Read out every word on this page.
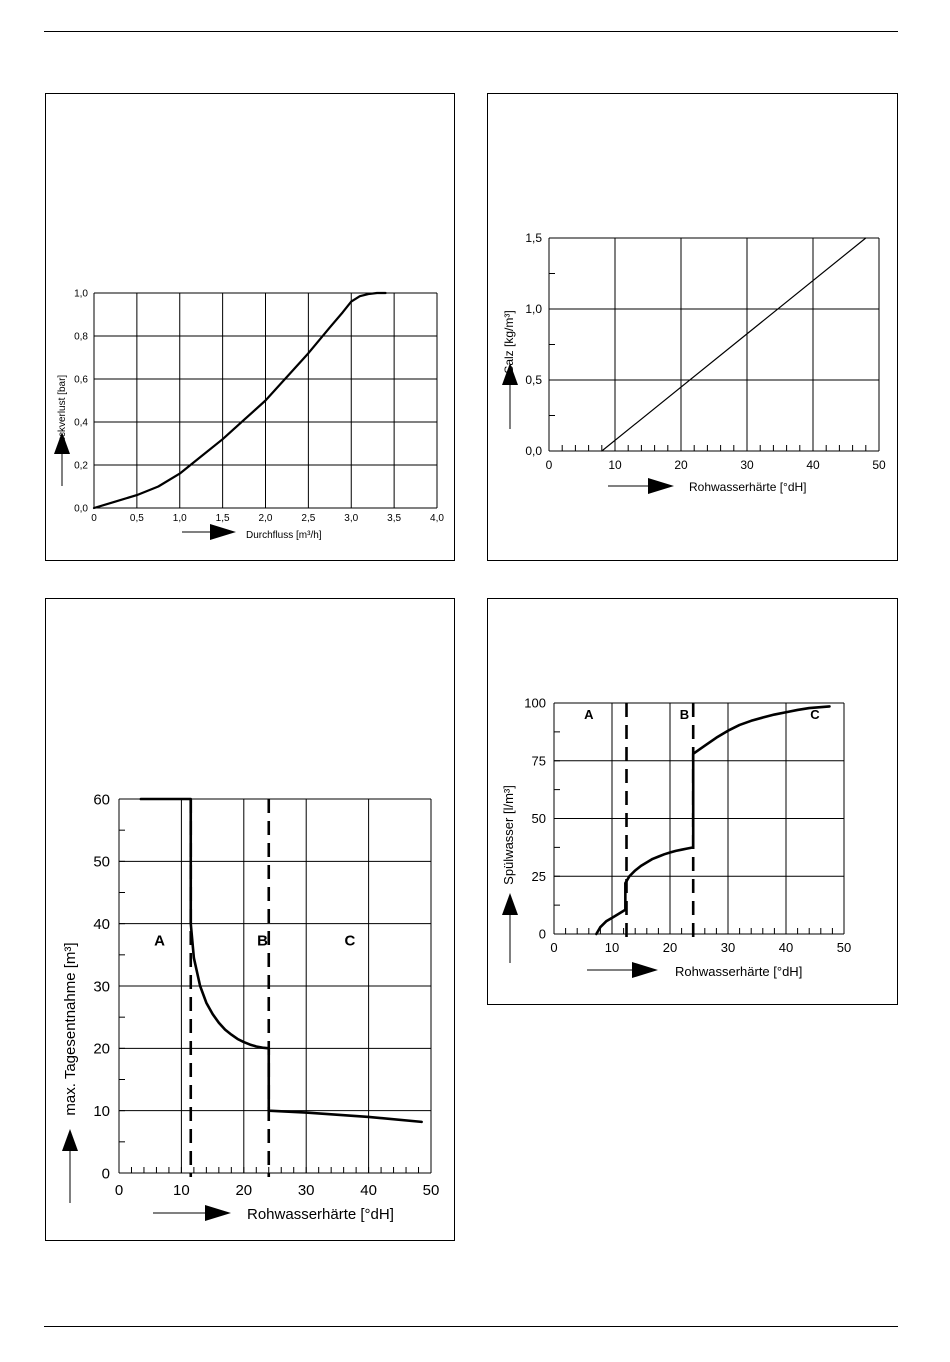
0	0,5	1,0	1,5	2,0	2,5	3,0	3,5	4,0
0,0
0,2
0,4
0,6
0,8
1,0
Durchfluss [m³/h]
Druckverlust [bar]
0	10	20	30	40	50
0,0
0,5
1,0
1,5
Rohwasserhärte [°dH]
Salz [kg/m³]
0	10	20	30	40	50
0
10
20
30
40
50
60
A	B	C
Rohwasserhärte [°dH]
max. Tagesentnahme [m³]	0	10	20	30	40	50
0
25
50
75
100
A	B	C
Rohwasserhärte [°dH]
Spülwasser [l/m³]
